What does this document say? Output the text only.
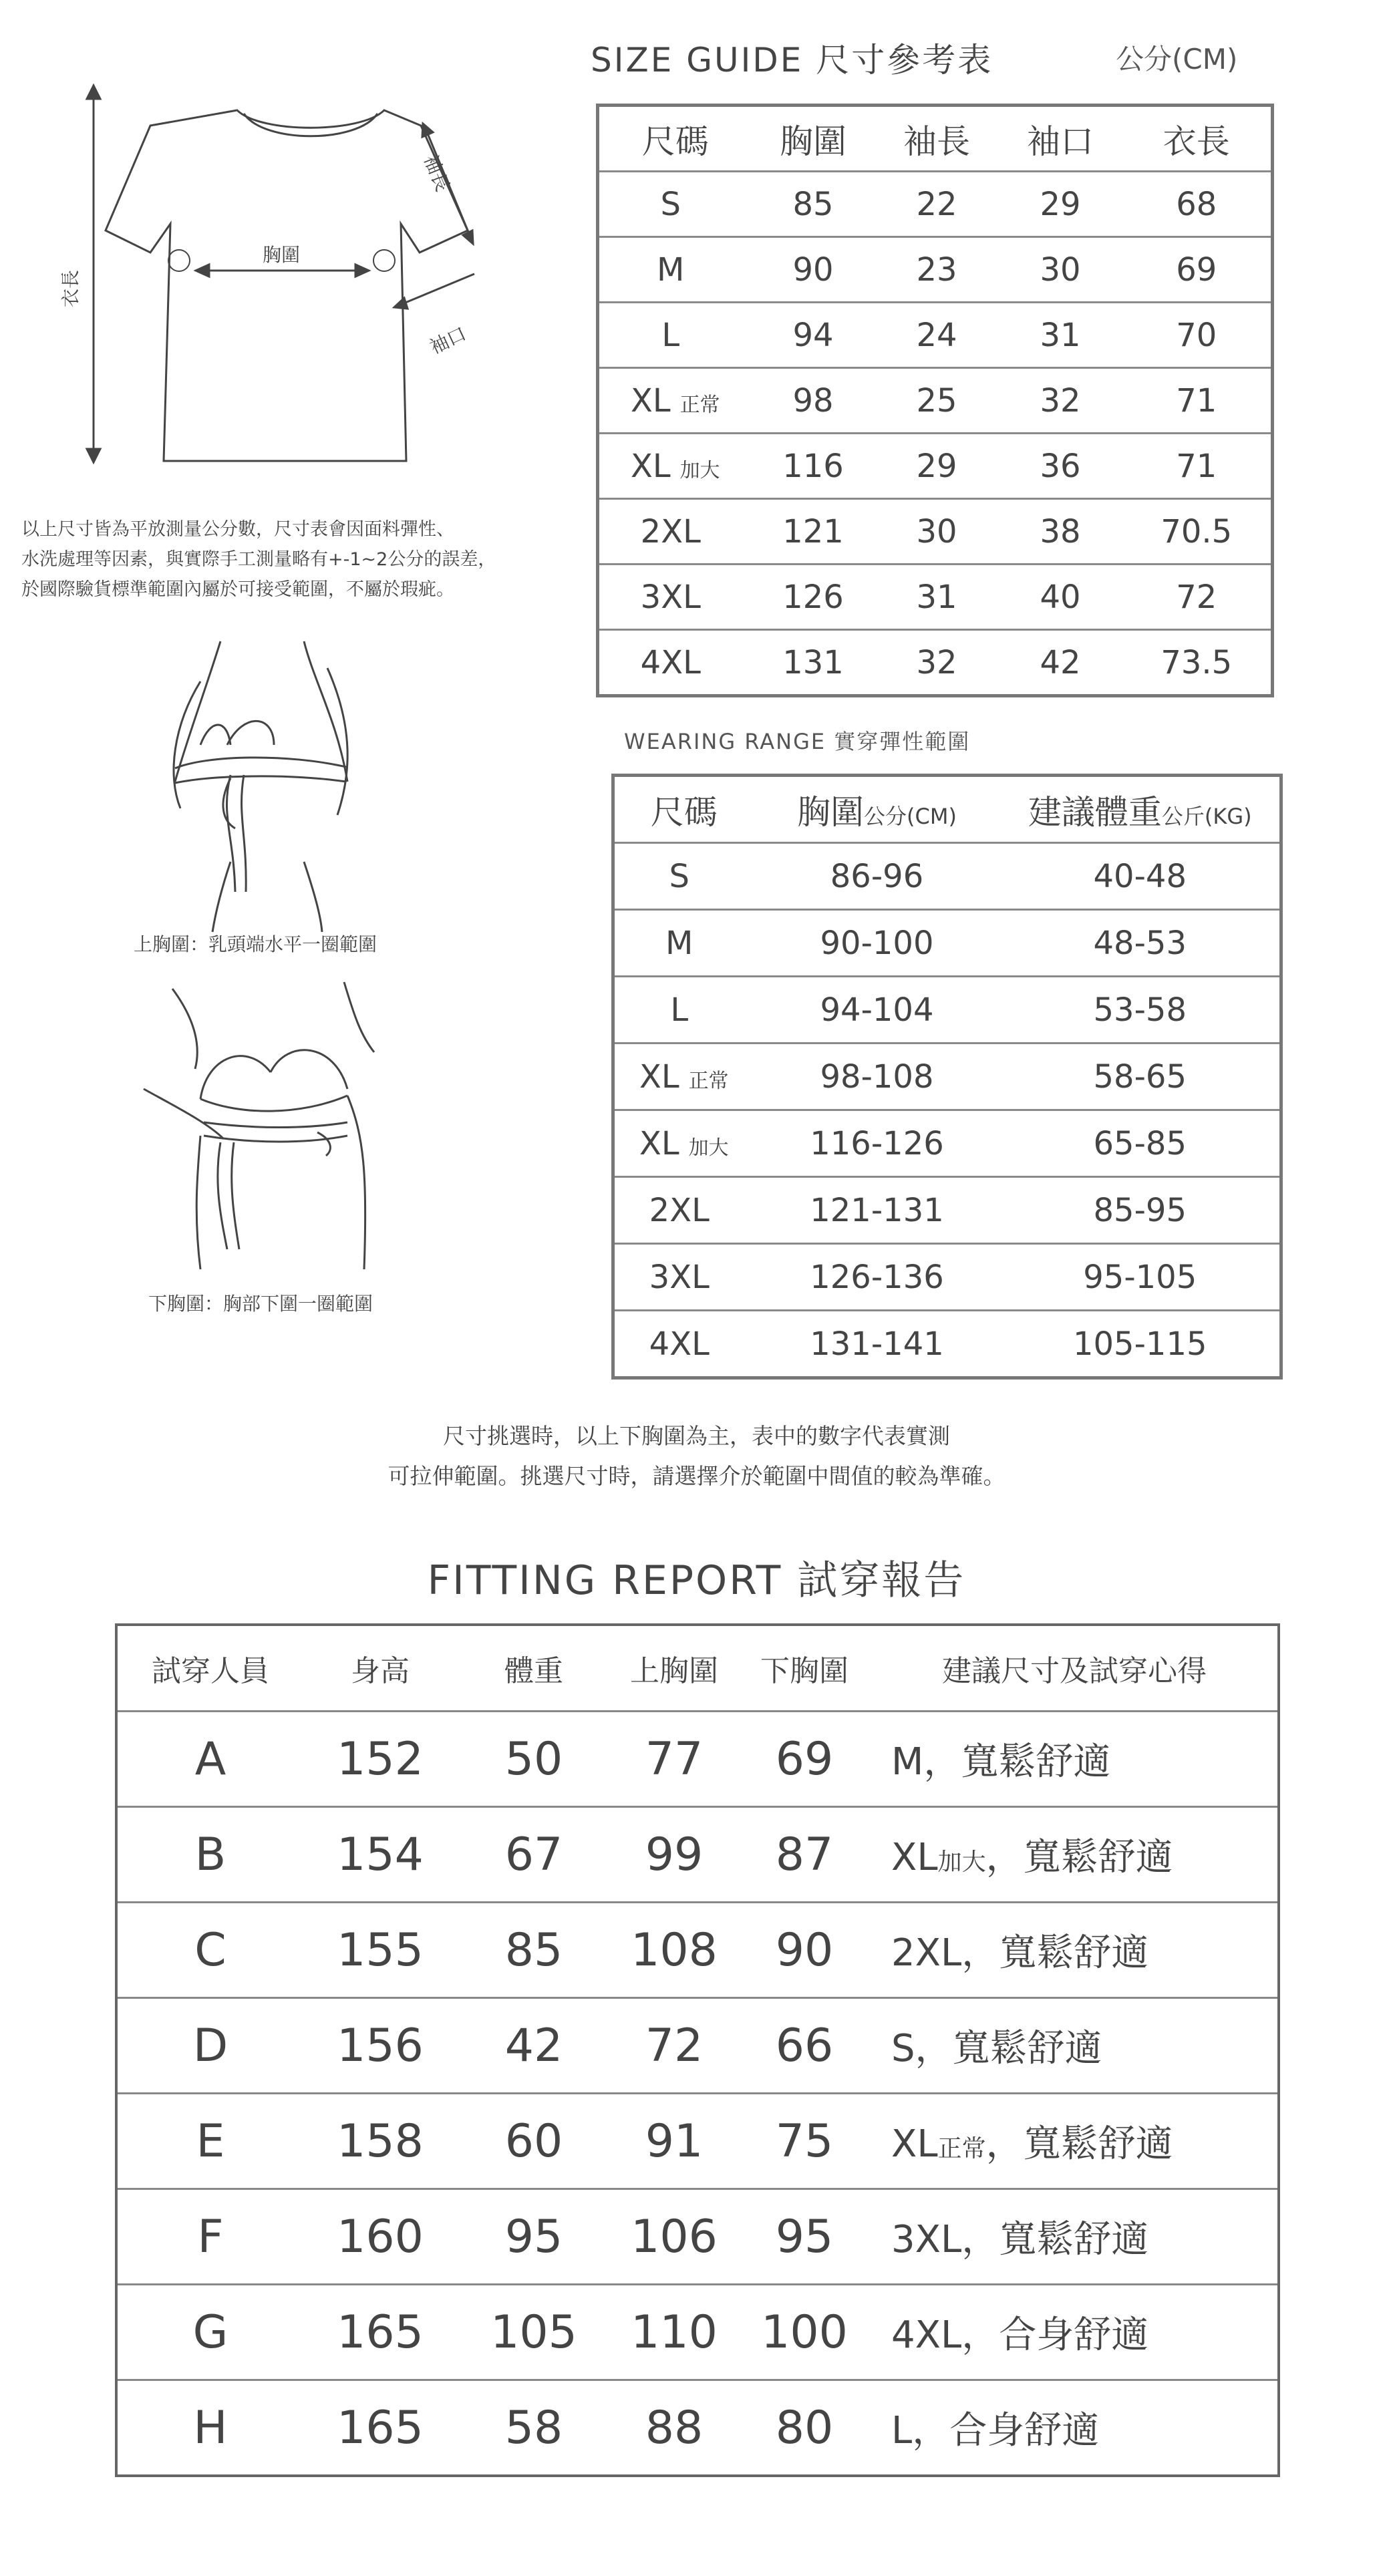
SIZE GUIDE 尺寸參考表	公分(CM)
尺碼	胸圍	袖長	袖口	衣長
S	85	22	29	68
M	90	23	30	69
L	94	24	31	70
XL 正常	98	25	32	71
XL 加大	116	29	36	71
2XL	121	30	38	70.5
3XL	126	31	40	72
4XL	131	32	42	73.5
衣長
胸圍
袖長
袖口
以上尺寸皆為平放測量公分數，尺寸表會因面料彈性、
水洗處理等因素，與實際手工測量略有+-1~2公分的誤差，
於國際驗貨標準範圍內屬於可接受範圍，不屬於瑕疵。
上胸圍：乳頭端水平一圈範圍
下胸圍：胸部下圍一圈範圍
WEARING RANGE 實穿彈性範圍
尺碼	胸圍公分(CM)	建議體重公斤(KG)
S	86-96	40-48
M	90-100	48-53
L	94-104	53-58
XL 正常	98-108	58-65
XL 加大	116-126	65-85
2XL	121-131	85-95
3XL	126-136	95-105
4XL	131-141	105-115
尺寸挑選時，以上下胸圍為主，表中的數字代表實測
可拉伸範圍。挑選尺寸時，請選擇介於範圍中間值的較為準確。
FITTING REPORT 試穿報告
試穿人員	身高	體重	上胸圍	下胸圍	建議尺寸及試穿心得
A	152	50	77	69	M，寬鬆舒適
B	154	67	99	87	XL加大，寬鬆舒適
C	155	85	108	90	2XL，寬鬆舒適
D	156	42	72	66	S，寬鬆舒適
E	158	60	91	75	XL正常，寬鬆舒適
F	160	95	106	95	3XL，寬鬆舒適
G	165	105	110	100	4XL，合身舒適
H	165	58	88	80	L，合身舒適
